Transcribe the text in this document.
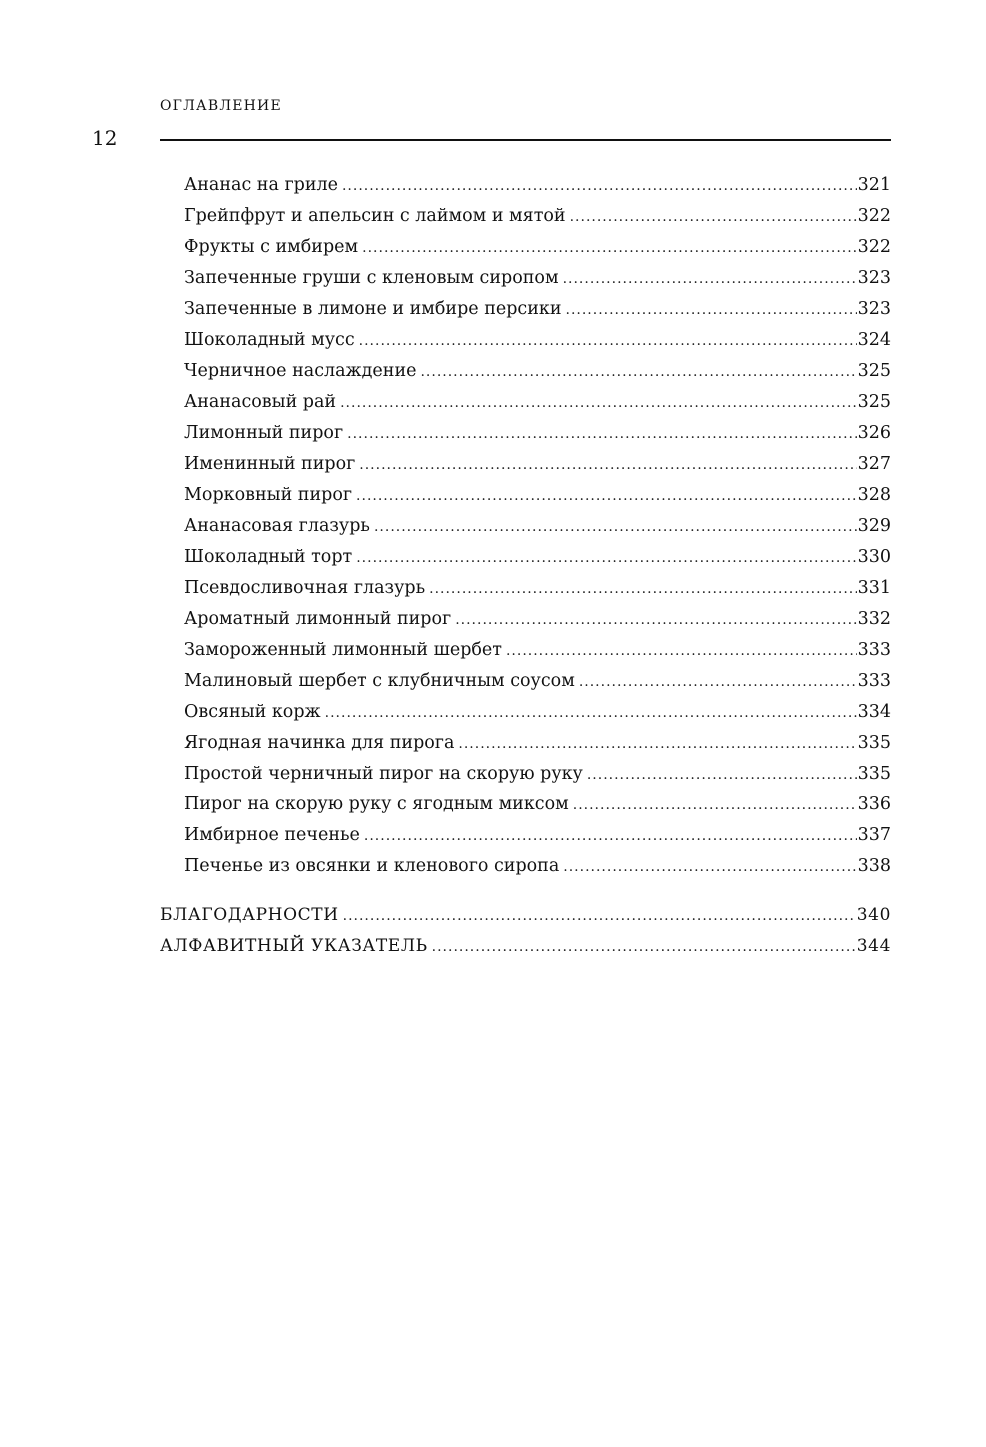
ОГЛАВЛЕНИЕ
12
Ананас на гриле .....	321
Грейпфрут и апельсин с лаймом и мятой .....	322
Фрукты с имбирем .....	322
Запеченные груши с кленовым сиропом .....	323
Запеченные в лимоне и имбире персики .....	323
Шоколадный мусс .....	324
Черничное наслаждение .....	325
Ананасовый рай .....	325
Лимонный пирог .....	326
Именинный пирог .....	327
Морковный пирог .....	328
Ананасовая глазурь .....	329
Шоколадный торт .....	330
Псевдосливочная глазурь .....	331
Ароматный лимонный пирог .....	332
Замороженный лимонный шербет .....	333
Малиновый шербет с клубничным соусом .....	333
Овсяный корж .....	334
Ягодная начинка для пирога .....	335
Простой черничный пирог на скорую руку .....	335
Пирог на скорую руку с ягодным миксом .....	336
Имбирное печенье .....	337
Печенье из овсянки и кленового сиропа .....	338
БЛАГОДАРНОСТИ .....	340
АЛФАВИТНЫЙ УКАЗАТЕЛЬ .....	344
